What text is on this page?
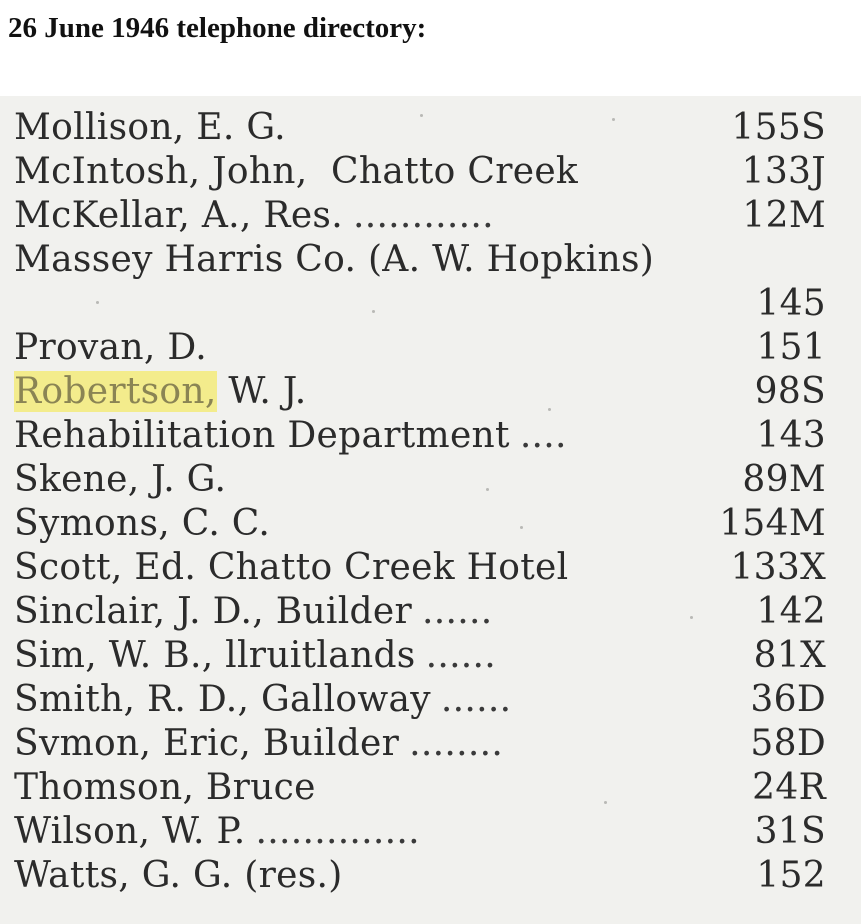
26 June 1946 telephone directory:
Mollison, E. G.	155S
McIntosh, John,  Chatto Creek	133J
McKellar, A., Res. ............	12M
Massey Harris Co. (A. W. Hopkins)
145
Provan, D.	151
Robertson, W. J.	98S
Rehabilitation Department ....	143
Skene, J. G.	89M
Symons, C. C.	154M
Scott, Ed. Chatto Creek Hotel	133X
Sinclair, J. D., Builder ......	142
Sim, W. B., llruitlands ......	81X
Smith, R. D., Galloway ......	36D
Svmon, Eric, Builder ........	58D
Thomson, Bruce	24R
Wilson, W. P. ..............	31S
Watts, G. G. (res.)	152
